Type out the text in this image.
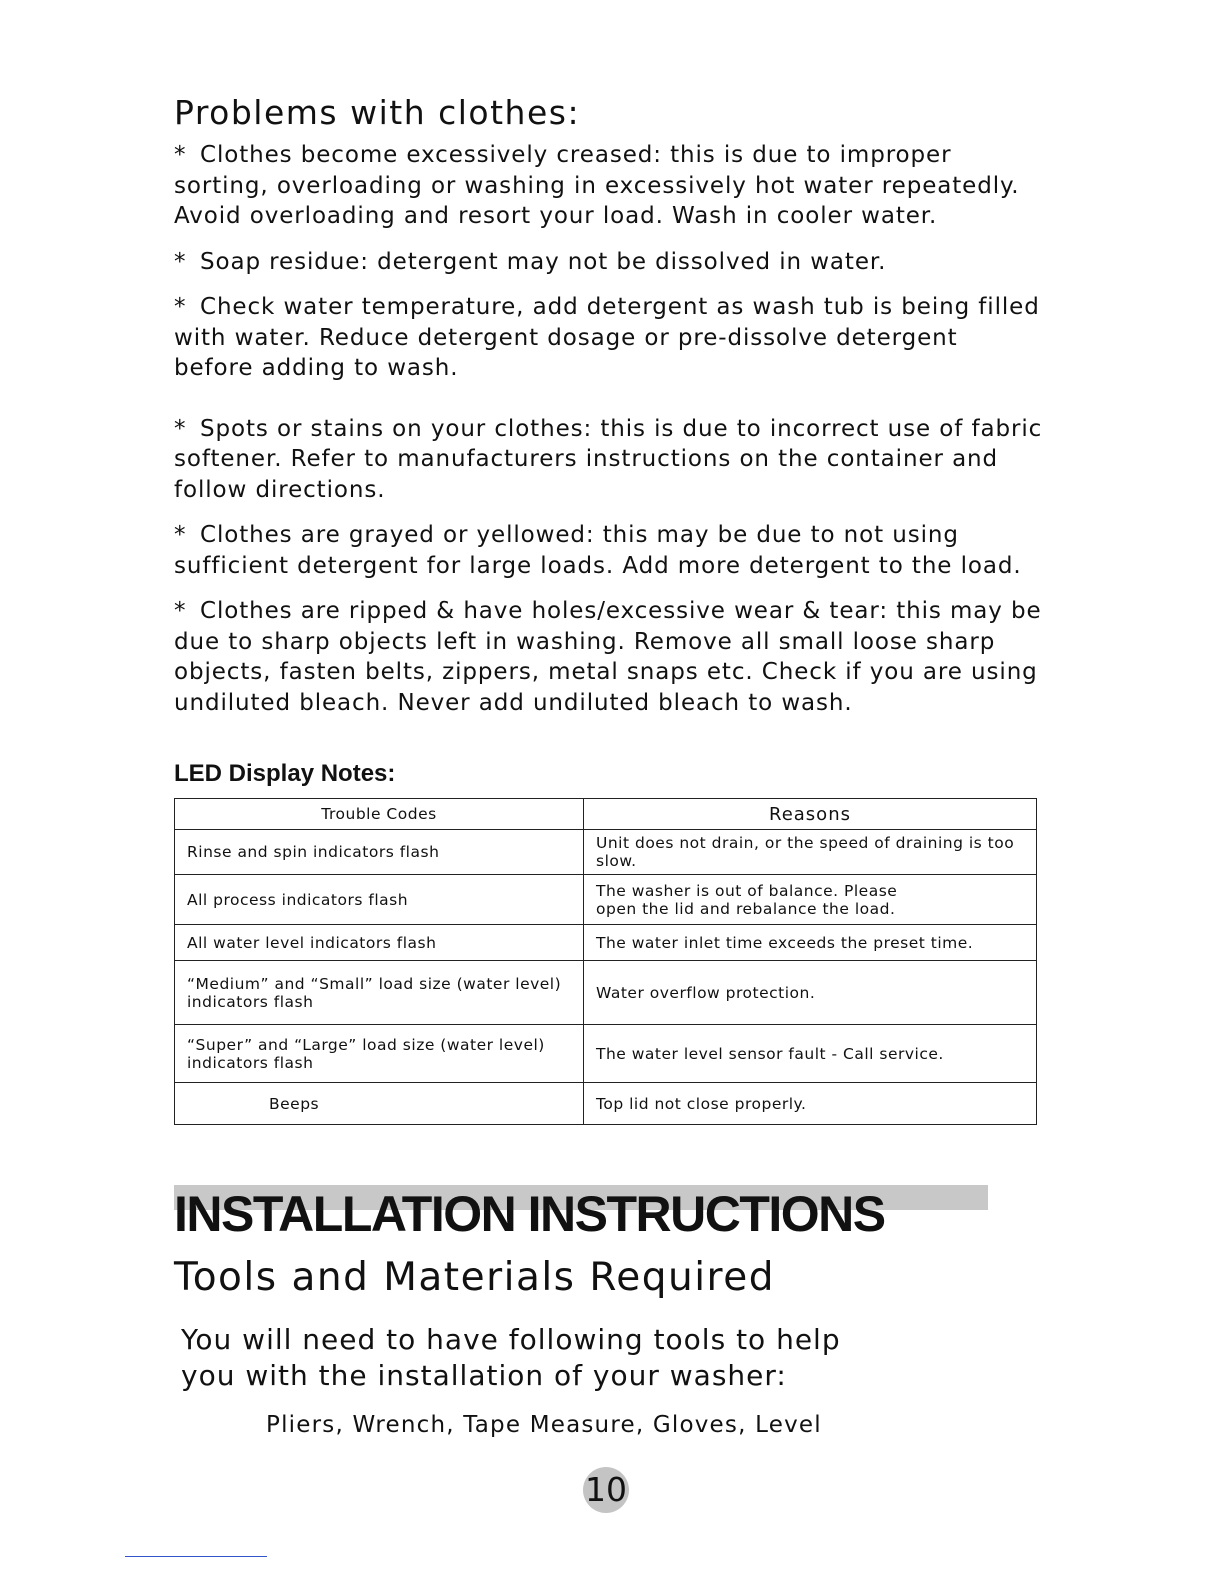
Problems with clothes:

* Clothes become excessively creased: this is due to improper sorting, overloading or washing in excessively hot water repeatedly. Avoid overloading and resort your load. Wash in cooler water.

* Soap residue: detergent may not be dissolved in water.

* Check water temperature, add detergent as wash tub is being filled with water. Reduce detergent dosage or pre-dissolve detergent before adding to wash.

* Spots or stains on your clothes: this is due to incorrect use of fabric softener. Refer to manufacturers instructions on the container and follow directions.

* Clothes are grayed or yellowed: this may be due to not using sufficient detergent for large loads. Add more detergent to the load.

* Clothes are ripped & have holes/excessive wear & tear: this may be due to sharp objects left in washing. Remove all small loose sharp objects, fasten belts, zippers, metal snaps etc. Check if you are using undiluted bleach. Never add undiluted bleach to wash.

LED Display Notes:
Trouble Codes	Reasons
Rinse and spin indicators flash	Unit does not drain, or the speed of draining is too slow.
All process indicators flash	The washer is out of balance. Please open the lid and rebalance the load.
All water level indicators flash	The water inlet time exceeds the preset time.
“Medium” and “Small” load size (water level) indicators flash	Water overflow protection.
“Super” and “Large” load size (water level) indicators flash	The water level sensor fault - Call service.
Beeps	Top lid not close properly.
INSTALLATION INSTRUCTIONS
Tools and Materials Required

You will need to have following tools to help you with the installation of your washer:

Pliers, Wrench, Tape Measure, Gloves, Level

10
